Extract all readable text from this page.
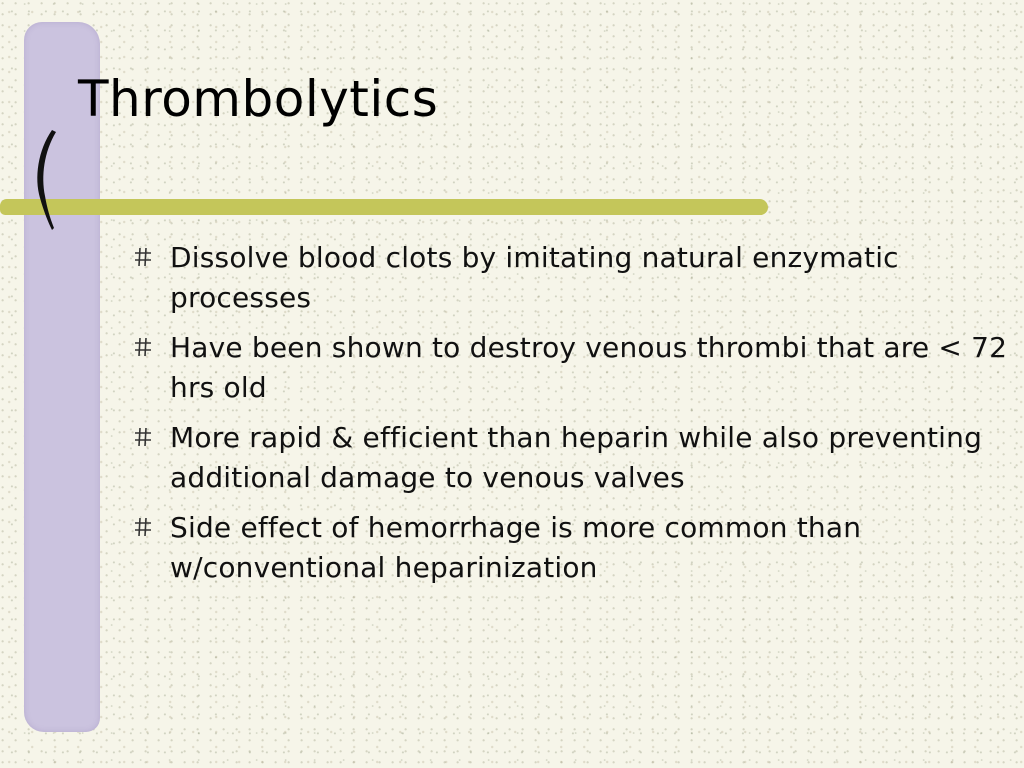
Thrombolytics
Dissolve blood clots by imitating natural enzymatic processes
Have been shown to destroy venous thrombi that are < 72 hrs old
More rapid & efficient than heparin while also preventing additional damage to venous valves
Side effect of hemorrhage is more common than w/conventional heparinization
